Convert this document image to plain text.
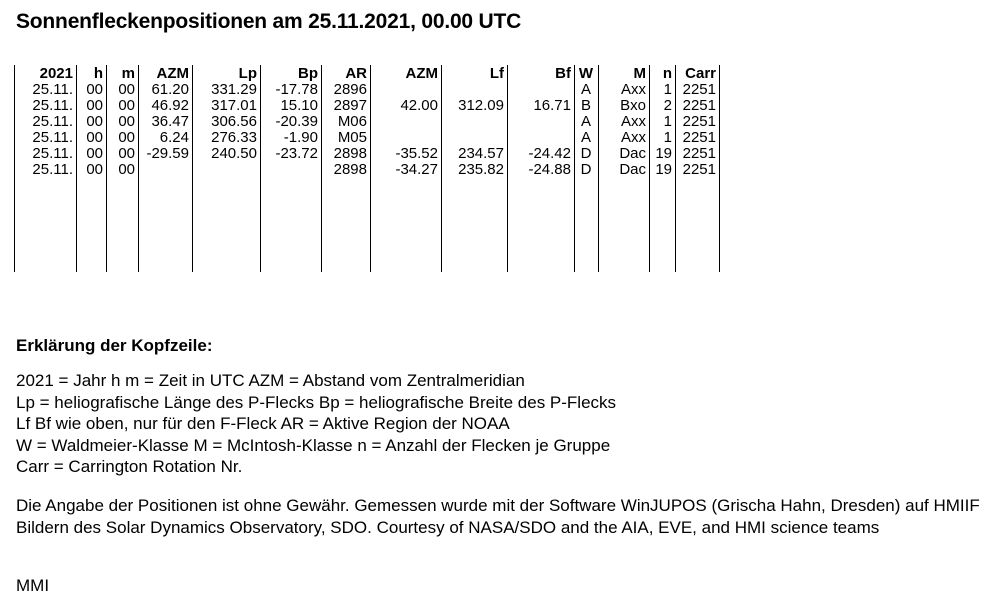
Sonnenfleckenpositionen am 25.11.2021, 00.00 UTC
2021	h	m	AZM	Lp	Bp	AR	AZM	Lf	Bf	W	M	n	Carr
25.11.	00	00	61.20	331.29	-17.78	2896				A	Axx	1	2251
25.11.	00	00	46.92	317.01	15.10	2897	42.00	312.09	16.71	B	Bxo	2	2251
25.11.	00	00	36.47	306.56	-20.39	M06				A	Axx	1	2251
25.11.	00	00	6.24	276.33	-1.90	M05				A	Axx	1	2251
25.11.	00	00	-29.59	240.50	-23.72	2898	-35.52	234.57	-24.42	D	Dac	19	2251
25.11.	00	00				2898	-34.27	235.82	-24.88	D	Dac	19	2251

Erklärung der Kopfzeile:
2021 = Jahr h m = Zeit in UTC AZM = Abstand vom Zentralmeridian
Lp = heliografische Länge des P-Flecks Bp = heliografische Breite des P-Flecks
Lf Bf wie oben, nur für den F-Fleck AR = Aktive Region der NOAA
W = Waldmeier-Klasse M = McIntosh-Klasse n = Anzahl der Flecken je Gruppe
Carr = Carrington Rotation Nr.
Die Angabe der Positionen ist ohne Gewähr. Gemessen wurde mit der Software WinJUPOS (Grischa Hahn, Dresden) auf HMIIF Bildern des Solar Dynamics Observatory, SDO. Courtesy of NASA/SDO and the AIA, EVE, and HMI science teams
MMI
